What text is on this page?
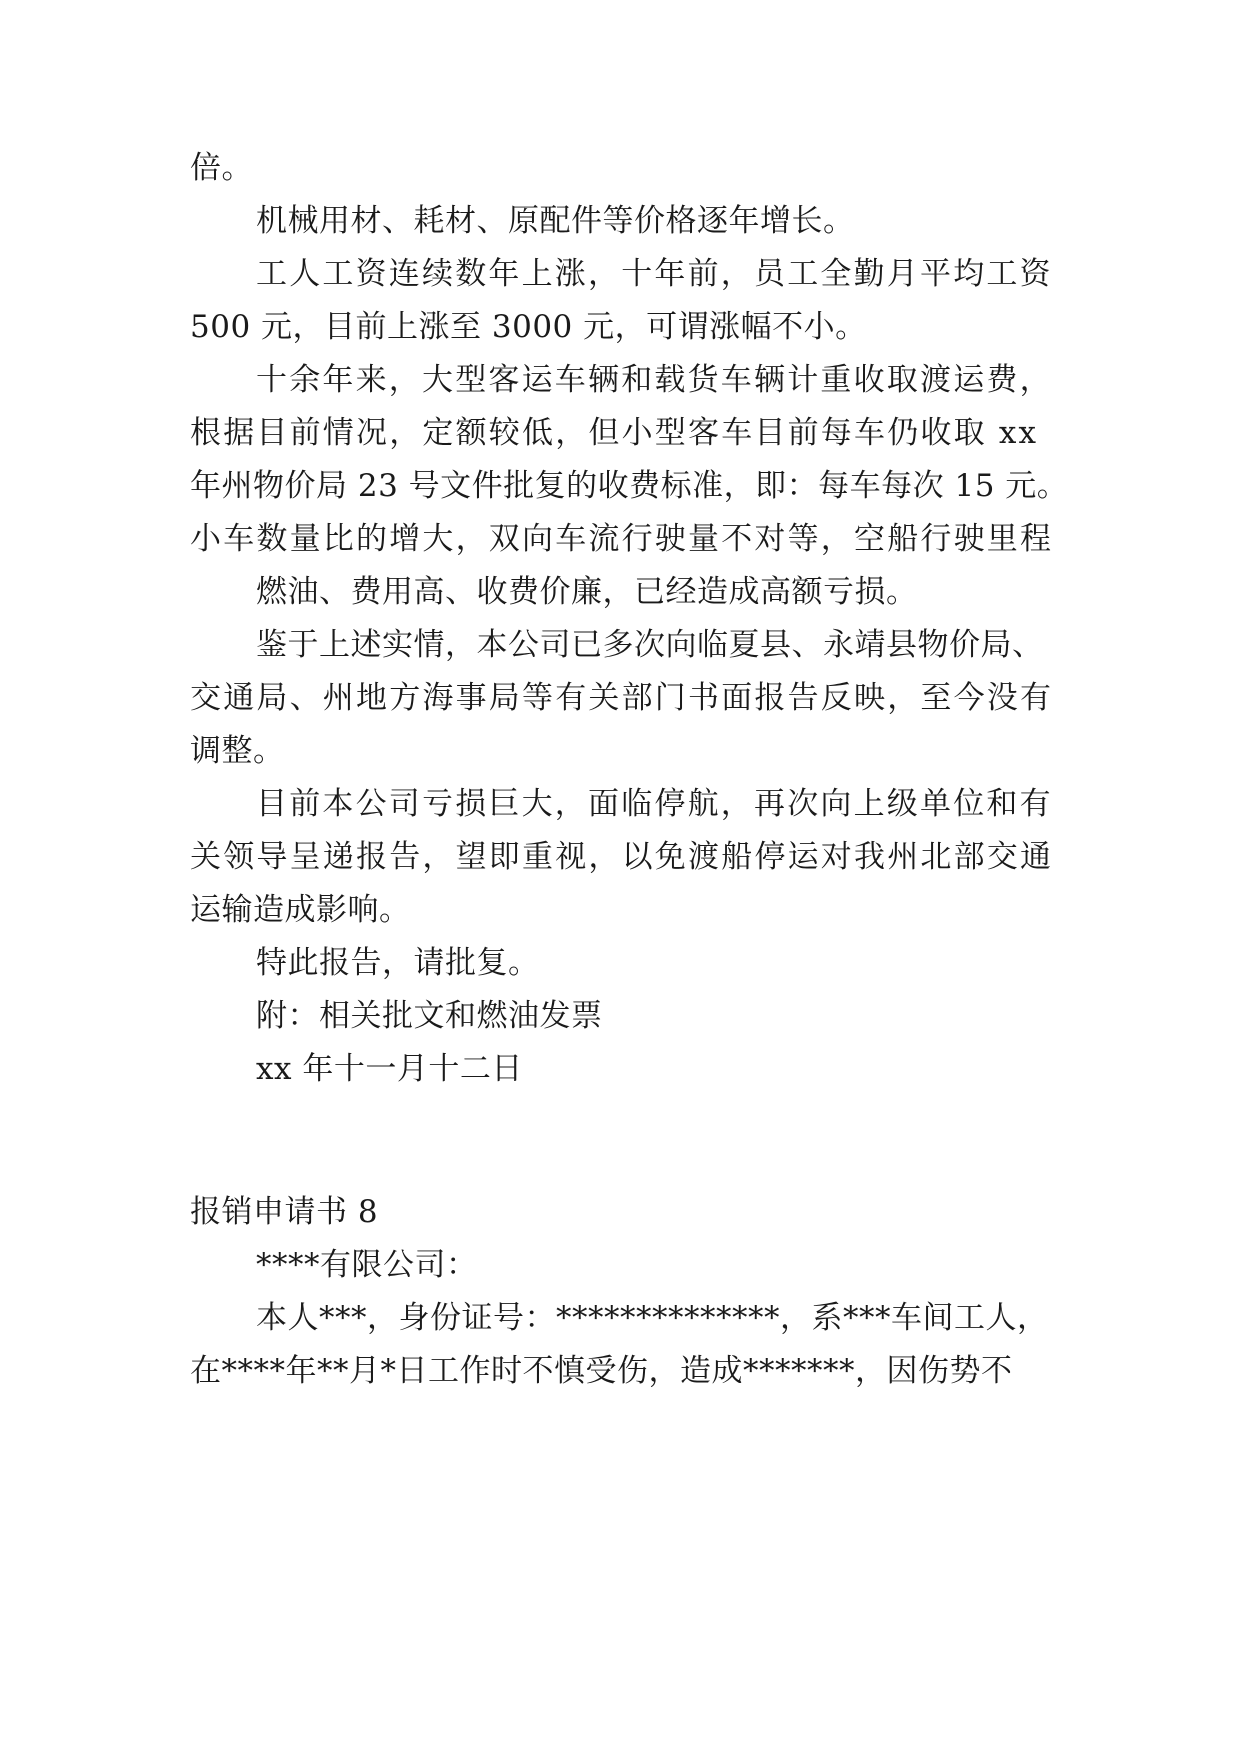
倍。
机械用材、耗材、原配件等价格逐年增长。
工人工资连续数年上涨，十年前，员工全勤月平均工资
500 元，目前上涨至 3000 元，可谓涨幅不小。
十余年来，大型客运车辆和载货车辆计重收取渡运费，
根据目前情况，定额较低，但小型客车目前每车仍收取 xx
年州物价局 23 号文件批复的收费标准，即：每车每次 15 元。
小车数量比的增大，双向车流行驶量不对等，空船行驶里程
燃油、费用高、收费价廉，已经造成高额亏损。
鉴于上述实情，本公司已多次向临夏县、永靖县物价局、
交通局、州地方海事局等有关部门书面报告反映，至今没有
调整。
目前本公司亏损巨大，面临停航，再次向上级单位和有
关领导呈递报告，望即重视，以免渡船停运对我州北部交通
运输造成影响。
特此报告，请批复。
附：相关批文和燃油发票
xx 年十一月十二日
报销申请书 8
****有限公司：
本人***，身份证号：**************，系***车间工人，
在****年**月*日工作时不慎受伤，造成*******，因伤势不
